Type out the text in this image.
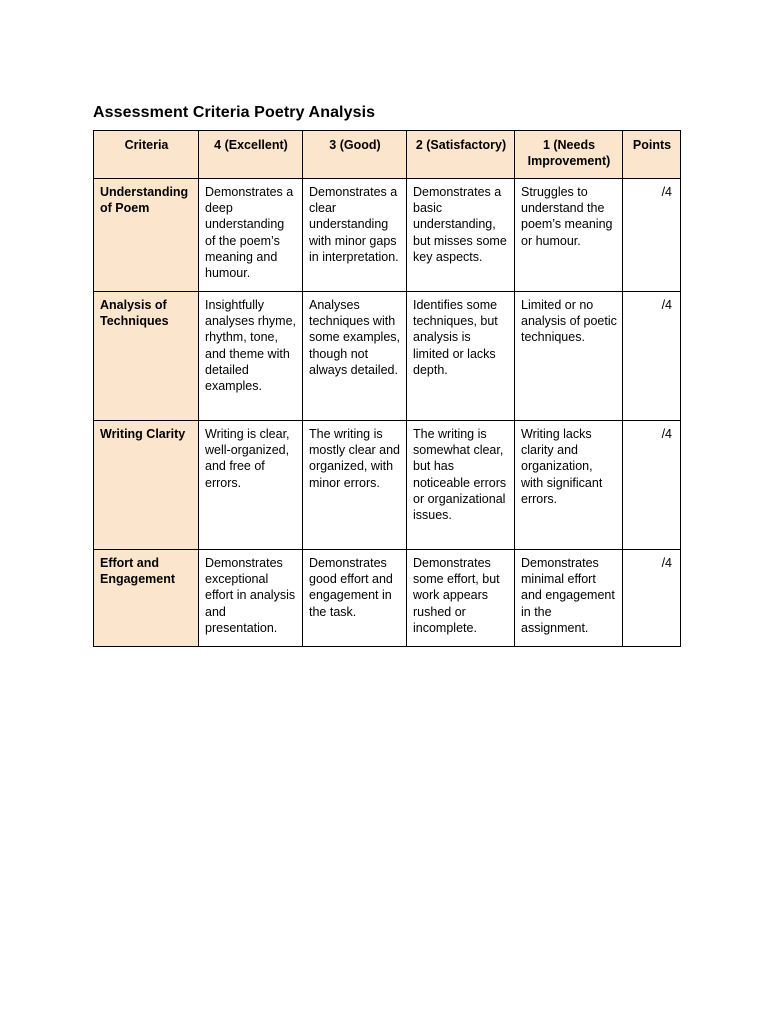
Assessment Criteria Poetry Analysis
Criteria	4 (Excellent)	3 (Good)	2 (Satisfactory)	1 (Needs Improvement)	Points
Understanding of Poem	Demonstrates a deep understanding of the poem’s meaning and humour.	Demonstrates a clear understanding with minor gaps in interpretation.	Demonstrates a basic understanding, but misses some key aspects.	Struggles to understand the poem’s meaning or humour.	/4
Analysis of Techniques	Insightfully analyses rhyme, rhythm, tone, and theme with detailed examples.	Analyses techniques with some examples, though not always detailed.	Identifies some techniques, but analysis is limited or lacks depth.	Limited or no analysis of poetic techniques.	/4
Writing Clarity	Writing is clear, well-organized, and free of errors.	The writing is mostly clear and organized, with minor errors.	The writing is somewhat clear, but has noticeable errors or organizational issues.	Writing lacks clarity and organization, with significant errors.	/4
Effort and Engagement	Demonstrates exceptional effort in analysis and presentation.	Demonstrates good effort and engagement in the task.	Demonstrates some effort, but work appears rushed or incomplete.	Demonstrates minimal effort and engagement in the assignment.	/4
